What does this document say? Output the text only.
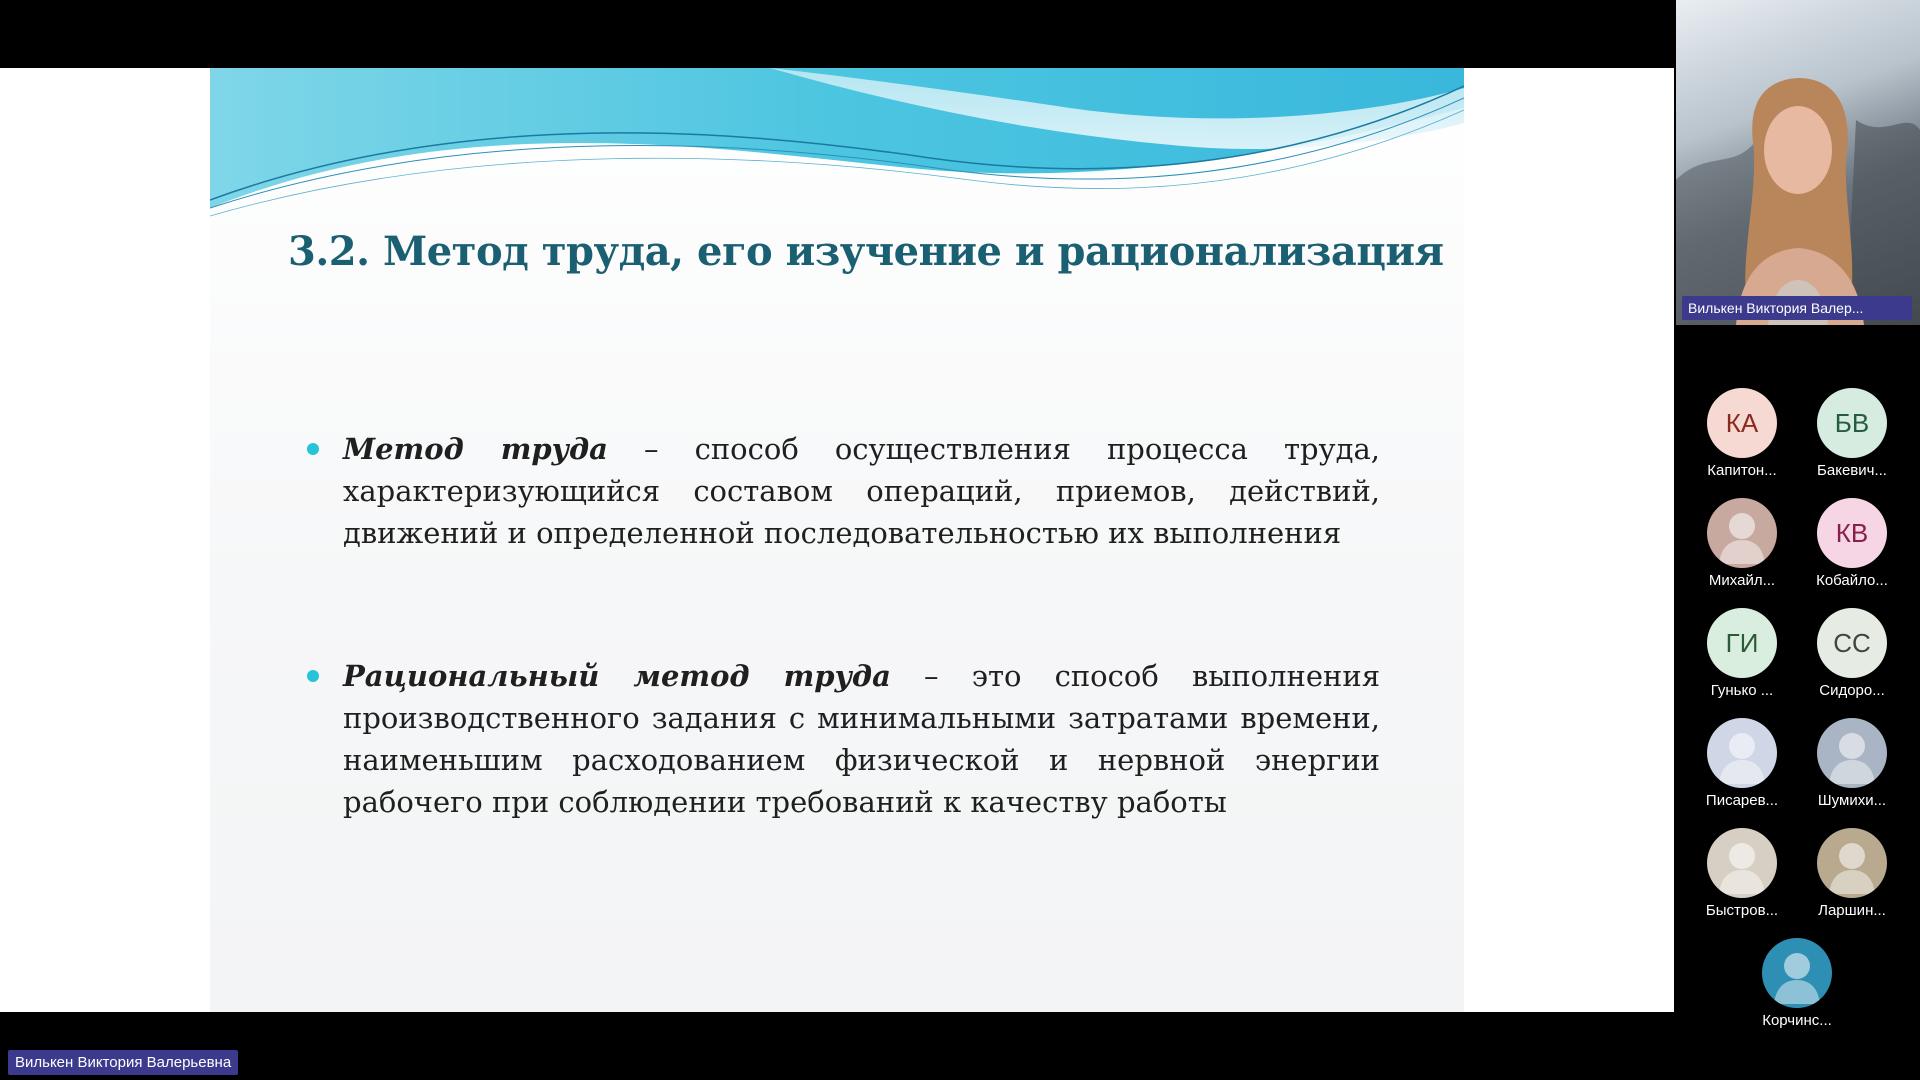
3.2. Метод труда, его изучение и рационализация
Метод труда – способ осуществления процесса труда, характеризующийся составом операций, приемов, действий, движений и определенной последовательностью их выполнения
Рациональный метод труда – это способ выполнения производственного задания с минимальными затратами времени, наименьшим расходованием физической и нервной энергии рабочего при соблюдении требований к качеству работы
Вилькен Виктория Валерьевна
Вилькен Виктория Валер...
КА
Капитон...
БВ
Бакевич...
Михайл...
КВ
Кобайло...
ГИ
Гунько ...
СС
Сидоро...
Писарев...	Шумихи...
Быстров...	Ларшин...
Корчинс...
